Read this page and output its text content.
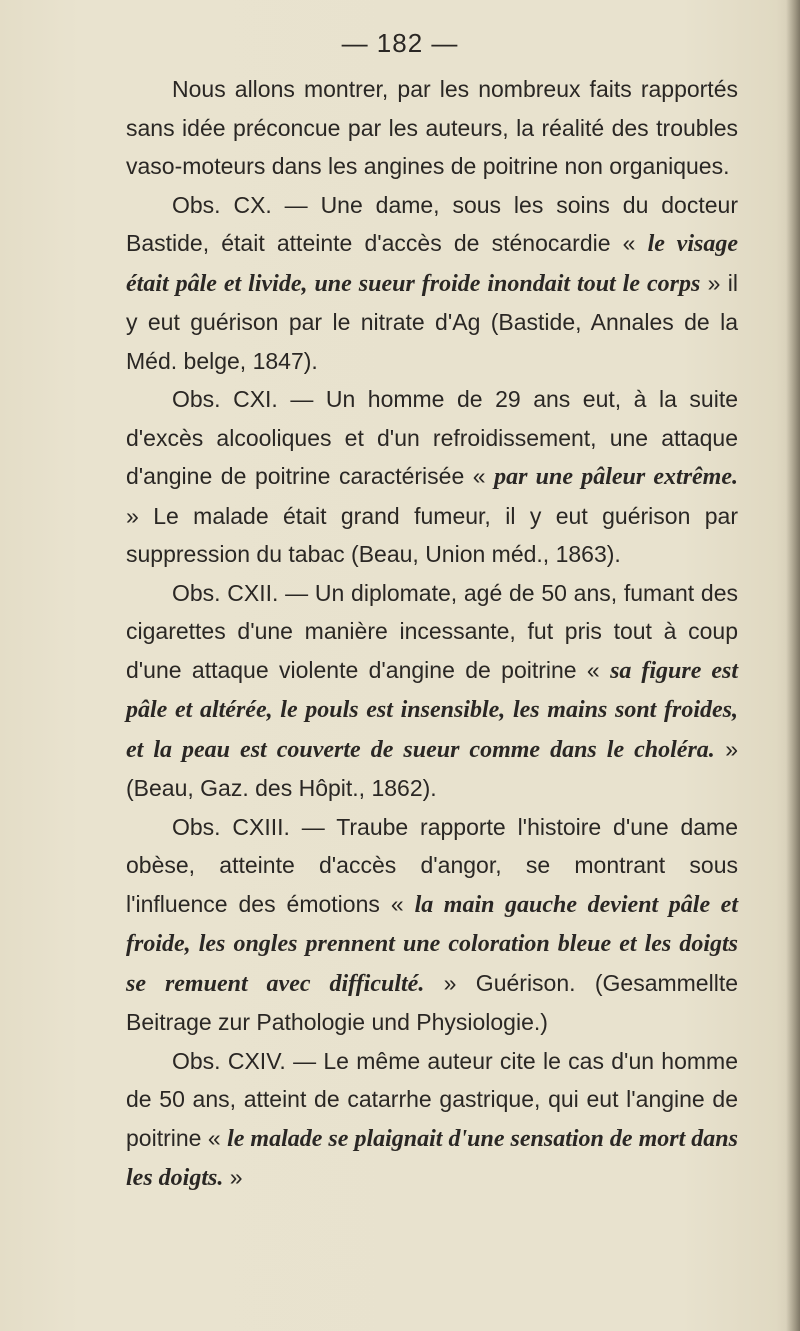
— 182 —

Nous allons montrer, par les nombreux faits rapportés sans idée préconcue par les auteurs, la réalité des troubles vaso-moteurs dans les angines de poitrine non organiques.

Obs. CX. — Une dame, sous les soins du docteur Bastide, était atteinte d'accès de sténocardie « le visage était pâle et livide, une sueur froide inondait tout le corps » il y eut guérison par le nitrate d'Ag (Bastide, Annales de la Méd. belge, 1847).

Obs. CXI. — Un homme de 29 ans eut, à la suite d'excès alcooliques et d'un refroidissement, une attaque d'angine de poitrine caractérisée « par une pâleur extrême. » Le malade était grand fumeur, il y eut guérison par suppression du tabac (Beau, Union méd., 1863).

Obs. CXII. — Un diplomate, agé de 50 ans, fumant des cigarettes d'une manière incessante, fut pris tout à coup d'une attaque violente d'angine de poitrine « sa figure est pâle et altérée, le pouls est insensible, les mains sont froides, et la peau est couverte de sueur comme dans le choléra. » (Beau, Gaz. des Hôpit., 1862).

Obs. CXIII. — Traube rapporte l'histoire d'une dame obèse, atteinte d'accès d'angor, se montrant sous l'influence des émotions « la main gauche devient pâle et froide, les ongles prennent une coloration bleue et les doigts se remuent avec difficulté. » Guérison. (Gesammellte Beitrage zur Pathologie und Physiologie.)

Obs. CXIV. — Le même auteur cite le cas d'un homme de 50 ans, atteint de catarrhe gastrique, qui eut l'angine de poitrine « le malade se plaignait d'une sensation de mort dans les doigts. »
